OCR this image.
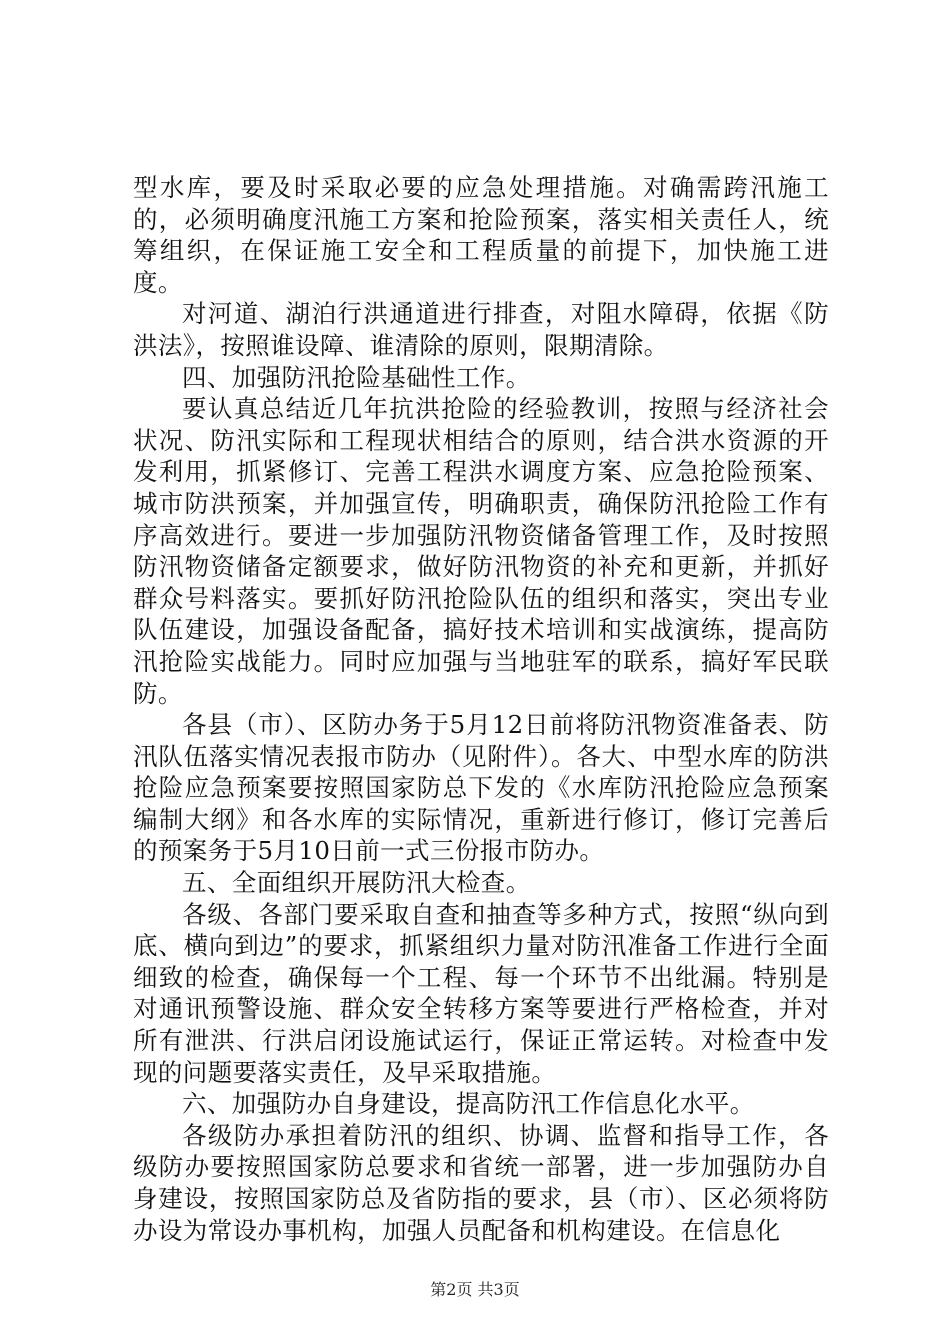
型水库，要及时采取必要的应急处理措施。对确需跨汛施工的，必须明确度汛施工方案和抢险预案，落实相关责任人，统筹组织，在保证施工安全和工程质量的前提下，加快施工进度。

对河道、湖泊行洪通道进行排查，对阻水障碍，依据《防洪法》，按照谁设障、谁清除的原则，限期清除。

四、加强防汛抢险基础性工作。

要认真总结近几年抗洪抢险的经验教训，按照与经济社会状况、防汛实际和工程现状相结合的原则，结合洪水资源的开发利用，抓紧修订、完善工程洪水调度方案、应急抢险预案、城市防洪预案，并加强宣传，明确职责，确保防汛抢险工作有序高效进行。要进一步加强防汛物资储备管理工作，及时按照防汛物资储备定额要求，做好防汛物资的补充和更新，并抓好群众号料落实。要抓好防汛抢险队伍的组织和落实，突出专业队伍建设，加强设备配备，搞好技术培训和实战演练，提高防汛抢险实战能力。同时应加强与当地驻军的联系，搞好军民联防。

各县（市）、区防办务于5月12日前将防汛物资准备表、防汛队伍落实情况表报市防办（见附件）。各大、中型水库的防洪抢险应急预案要按照国家防总下发的《水库防汛抢险应急预案编制大纲》和各水库的实际情况，重新进行修订，修订完善后的预案务于5月10日前一式三份报市防办。

五、全面组织开展防汛大检查。

各级、各部门要采取自查和抽查等多种方式，按照“纵向到底、横向到边”的要求，抓紧组织力量对防汛准备工作进行全面细致的检查，确保每一个工程、每一个环节不出纰漏。特别是对通讯预警设施、群众安全转移方案等要进行严格检查，并对所有泄洪、行洪启闭设施试运行，保证正常运转。对检查中发现的问题要落实责任，及早采取措施。

六、加强防办自身建设，提高防汛工作信息化水平。

各级防办承担着防汛的组织、协调、监督和指导工作，各级防办要按照国家防总要求和省统一部署，进一步加强防办自身建设，按照国家防总及省防指的要求，县（市）、区必须将防办设为常设办事机构，加强人员配备和机构建设。在信息化

第2页 共3页
